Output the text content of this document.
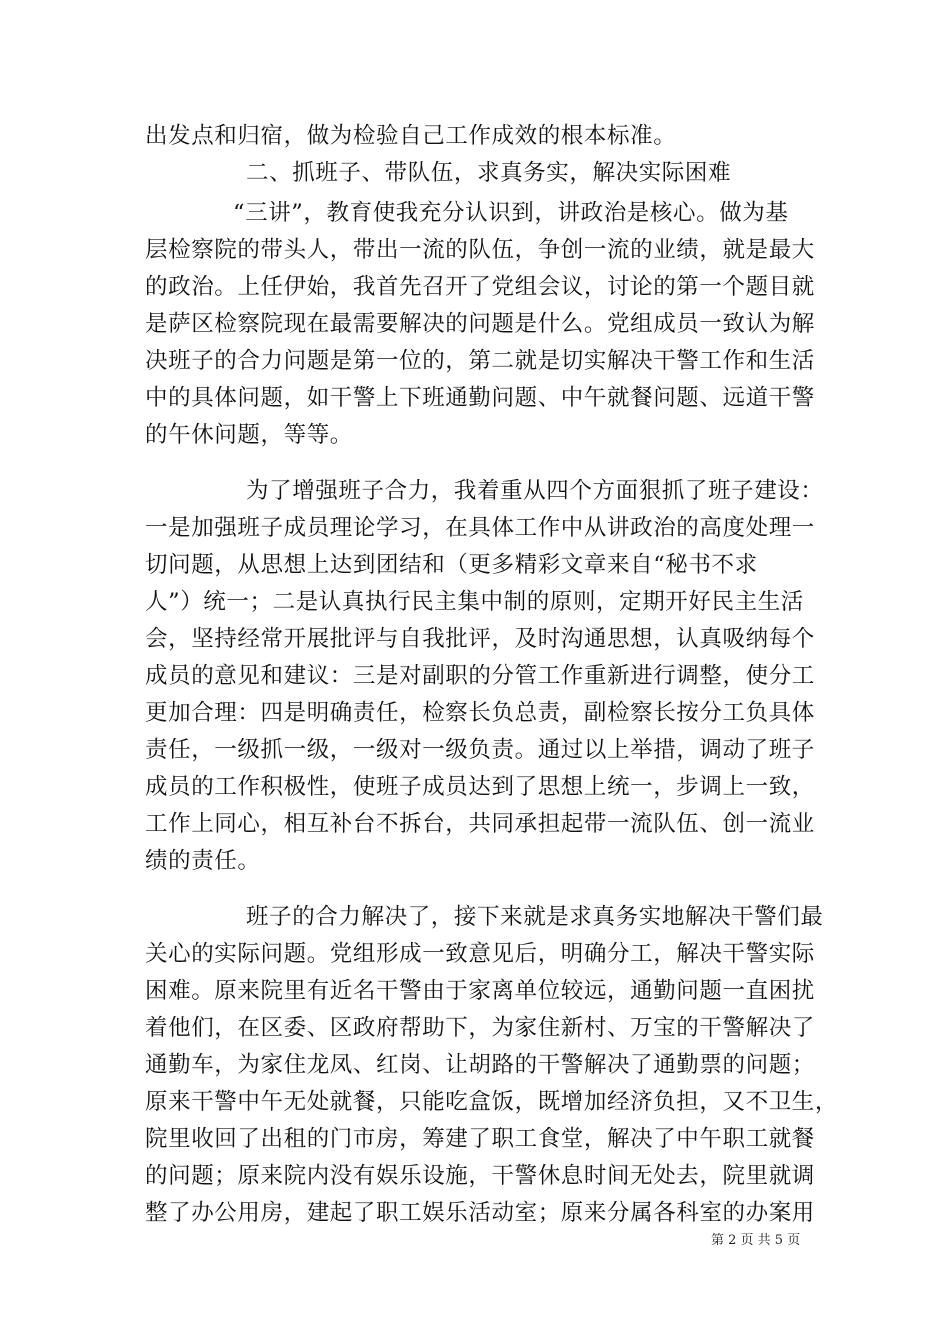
出发点和归宿，做为检验自己工作成效的根本标准。
二、抓班子、带队伍，求真务实，解决实际困难
“三讲”，教育使我充分认识到，讲政治是核心。做为基
层检察院的带头人，带出一流的队伍，争创一流的业绩，就是最大
的政治。上任伊始，我首先召开了党组会议，讨论的第一个题目就
是萨区检察院现在最需要解决的问题是什么。党组成员一致认为解
决班子的合力问题是第一位的，第二就是切实解决干警工作和生活
中的具体问题，如干警上下班通勤问题、中午就餐问题、远道干警
的午休问题，等等。
为了增强班子合力，我着重从四个方面狠抓了班子建设：
一是加强班子成员理论学习，在具体工作中从讲政治的高度处理一
切问题，从思想上达到团结和（更多精彩文章来自“秘书不求
人”）统一；二是认真执行民主集中制的原则，定期开好民主生活
会，坚持经常开展批评与自我批评，及时沟通思想，认真吸纳每个
成员的意见和建议：三是对副职的分管工作重新进行调整，使分工
更加合理：四是明确责任，检察长负总责，副检察长按分工负具体
责任，一级抓一级，一级对一级负责。通过以上举措，调动了班子
成员的工作积极性，使班子成员达到了思想上统一，步调上一致，
工作上同心，相互补台不拆台，共同承担起带一流队伍、创一流业
绩的责任。
班子的合力解决了，接下来就是求真务实地解决干警们最
关心的实际问题。党组形成一致意见后，明确分工，解决干警实际
困难。原来院里有近名干警由于家离单位较远，通勤问题一直困扰
着他们，在区委、区政府帮助下，为家住新村、万宝的干警解决了
通勤车，为家住龙凤、红岗、让胡路的干警解决了通勤票的问题；
原来干警中午无处就餐，只能吃盒饭，既增加经济负担，又不卫生，
院里收回了出租的门市房，筹建了职工食堂，解决了中午职工就餐
的问题；原来院内没有娱乐设施，干警休息时间无处去，院里就调
整了办公用房，建起了职工娱乐活动室；原来分属各科室的办案用
第 2 页 共 5 页
